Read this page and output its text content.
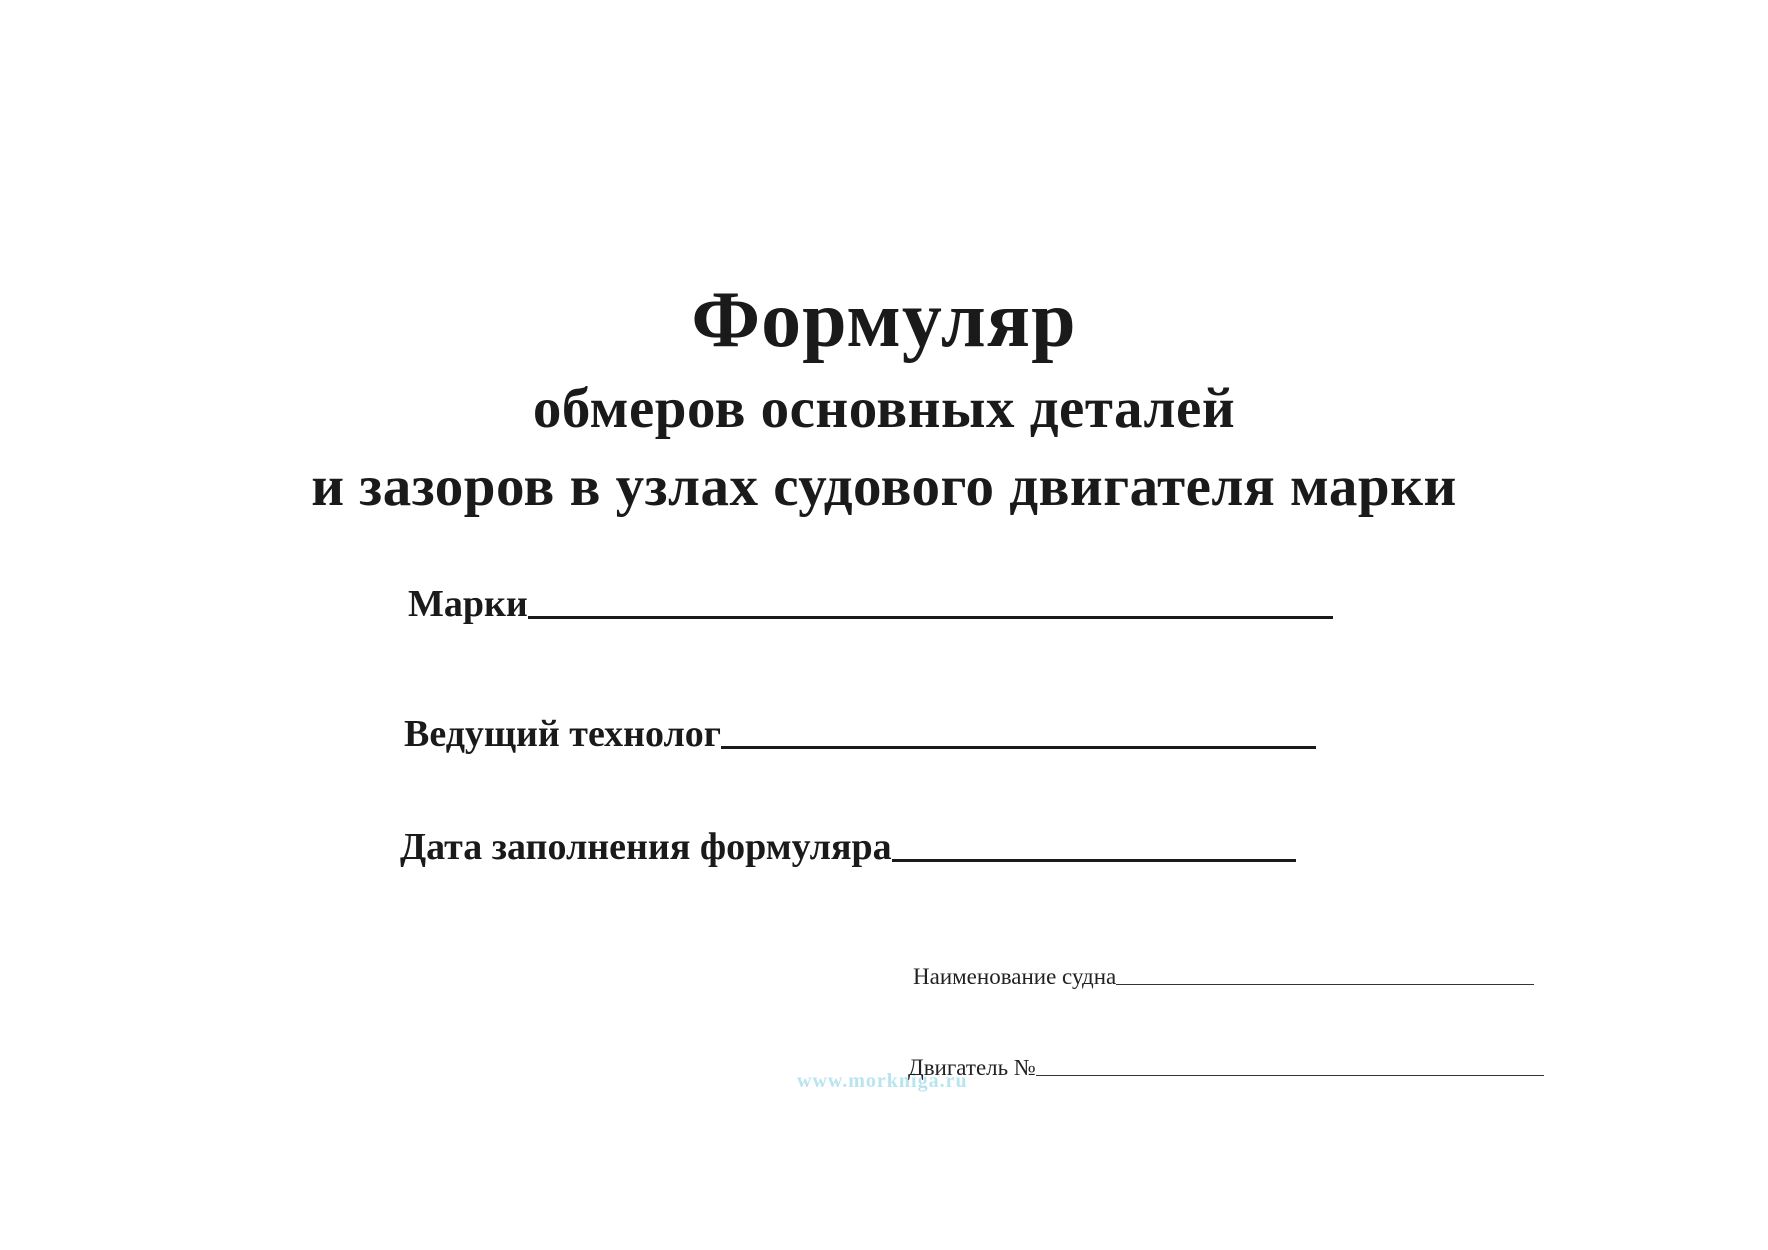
Формуляр
обмеров основных деталей
и зазоров в узлах судового двигателя марки
Марки
Ведущий технолог
Дата заполнения формуляра
Наименование судна
www.morkniga.ru
Двигатель №
